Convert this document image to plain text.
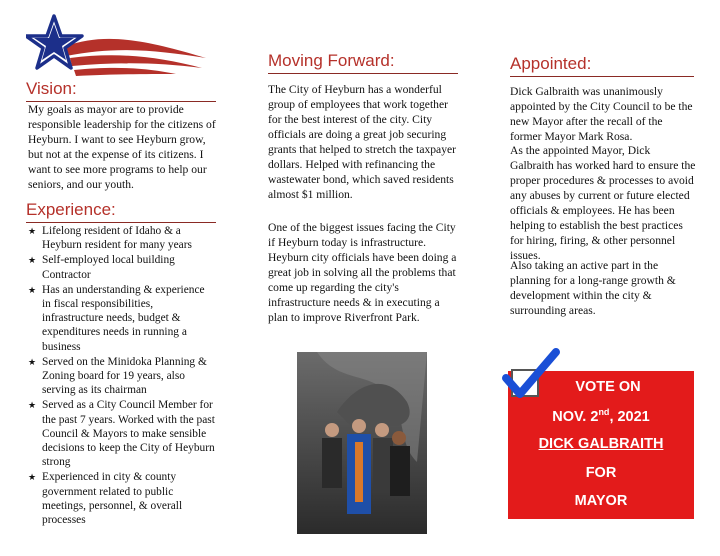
Vision:
My goals as mayor are to provide responsible leadership for the citizens of Heyburn. I want to see Heyburn grow, but not at the expense of its citizens. I want to see more programs to help our seniors, and our youth.
Experience:
★ Lifelong resident of Idaho & a Heyburn resident for many years
★ Self-employed local building Contractor
★ Has an understanding & experience in fiscal responsibilities, infrastructure needs, budget & expenditures needs in running a business
★ Served on the Minidoka Planning & Zoning board for 19 years, also serving as its chairman
★ Served as a City Council Member for the past 7 years. Worked with the past Council & Mayors to make sensible decisions to keep the City of Heyburn strong
★ Experienced in city & county government related to public meetings, personnel, & overall processes
Moving Forward:
The City of Heyburn has a wonderful group of employees that work together for the best interest of the city. City officials are doing a great job securing grants that helped to stretch the taxpayer dollars. Helped with refinancing the wastewater bond, which saved residents almost $1 million.
One of the biggest issues facing the City if Heyburn today is infrastructure. Heyburn city officials have been doing a great job in solving all the problems that come up regarding the city's infrastructure needs & in executing a plan to improve Riverfront Park.
Appointed:
Dick Galbraith was unanimously appointed by the City Council to be the new Mayor after the recall of the former Mayor Mark Rosa.
As the appointed Mayor, Dick Galbraith has worked hard to ensure the proper procedures & processes to avoid any abuses by current or future elected officials & employees. He has been helping to establish the best practices for hiring, firing, & other personnel issues.
Also taking an active part in the planning for a long-range growth & development within the city & surrounding areas.
VOTE ON
NOV. 2nd, 2021
DICK GALBRAITH
FOR
MAYOR
